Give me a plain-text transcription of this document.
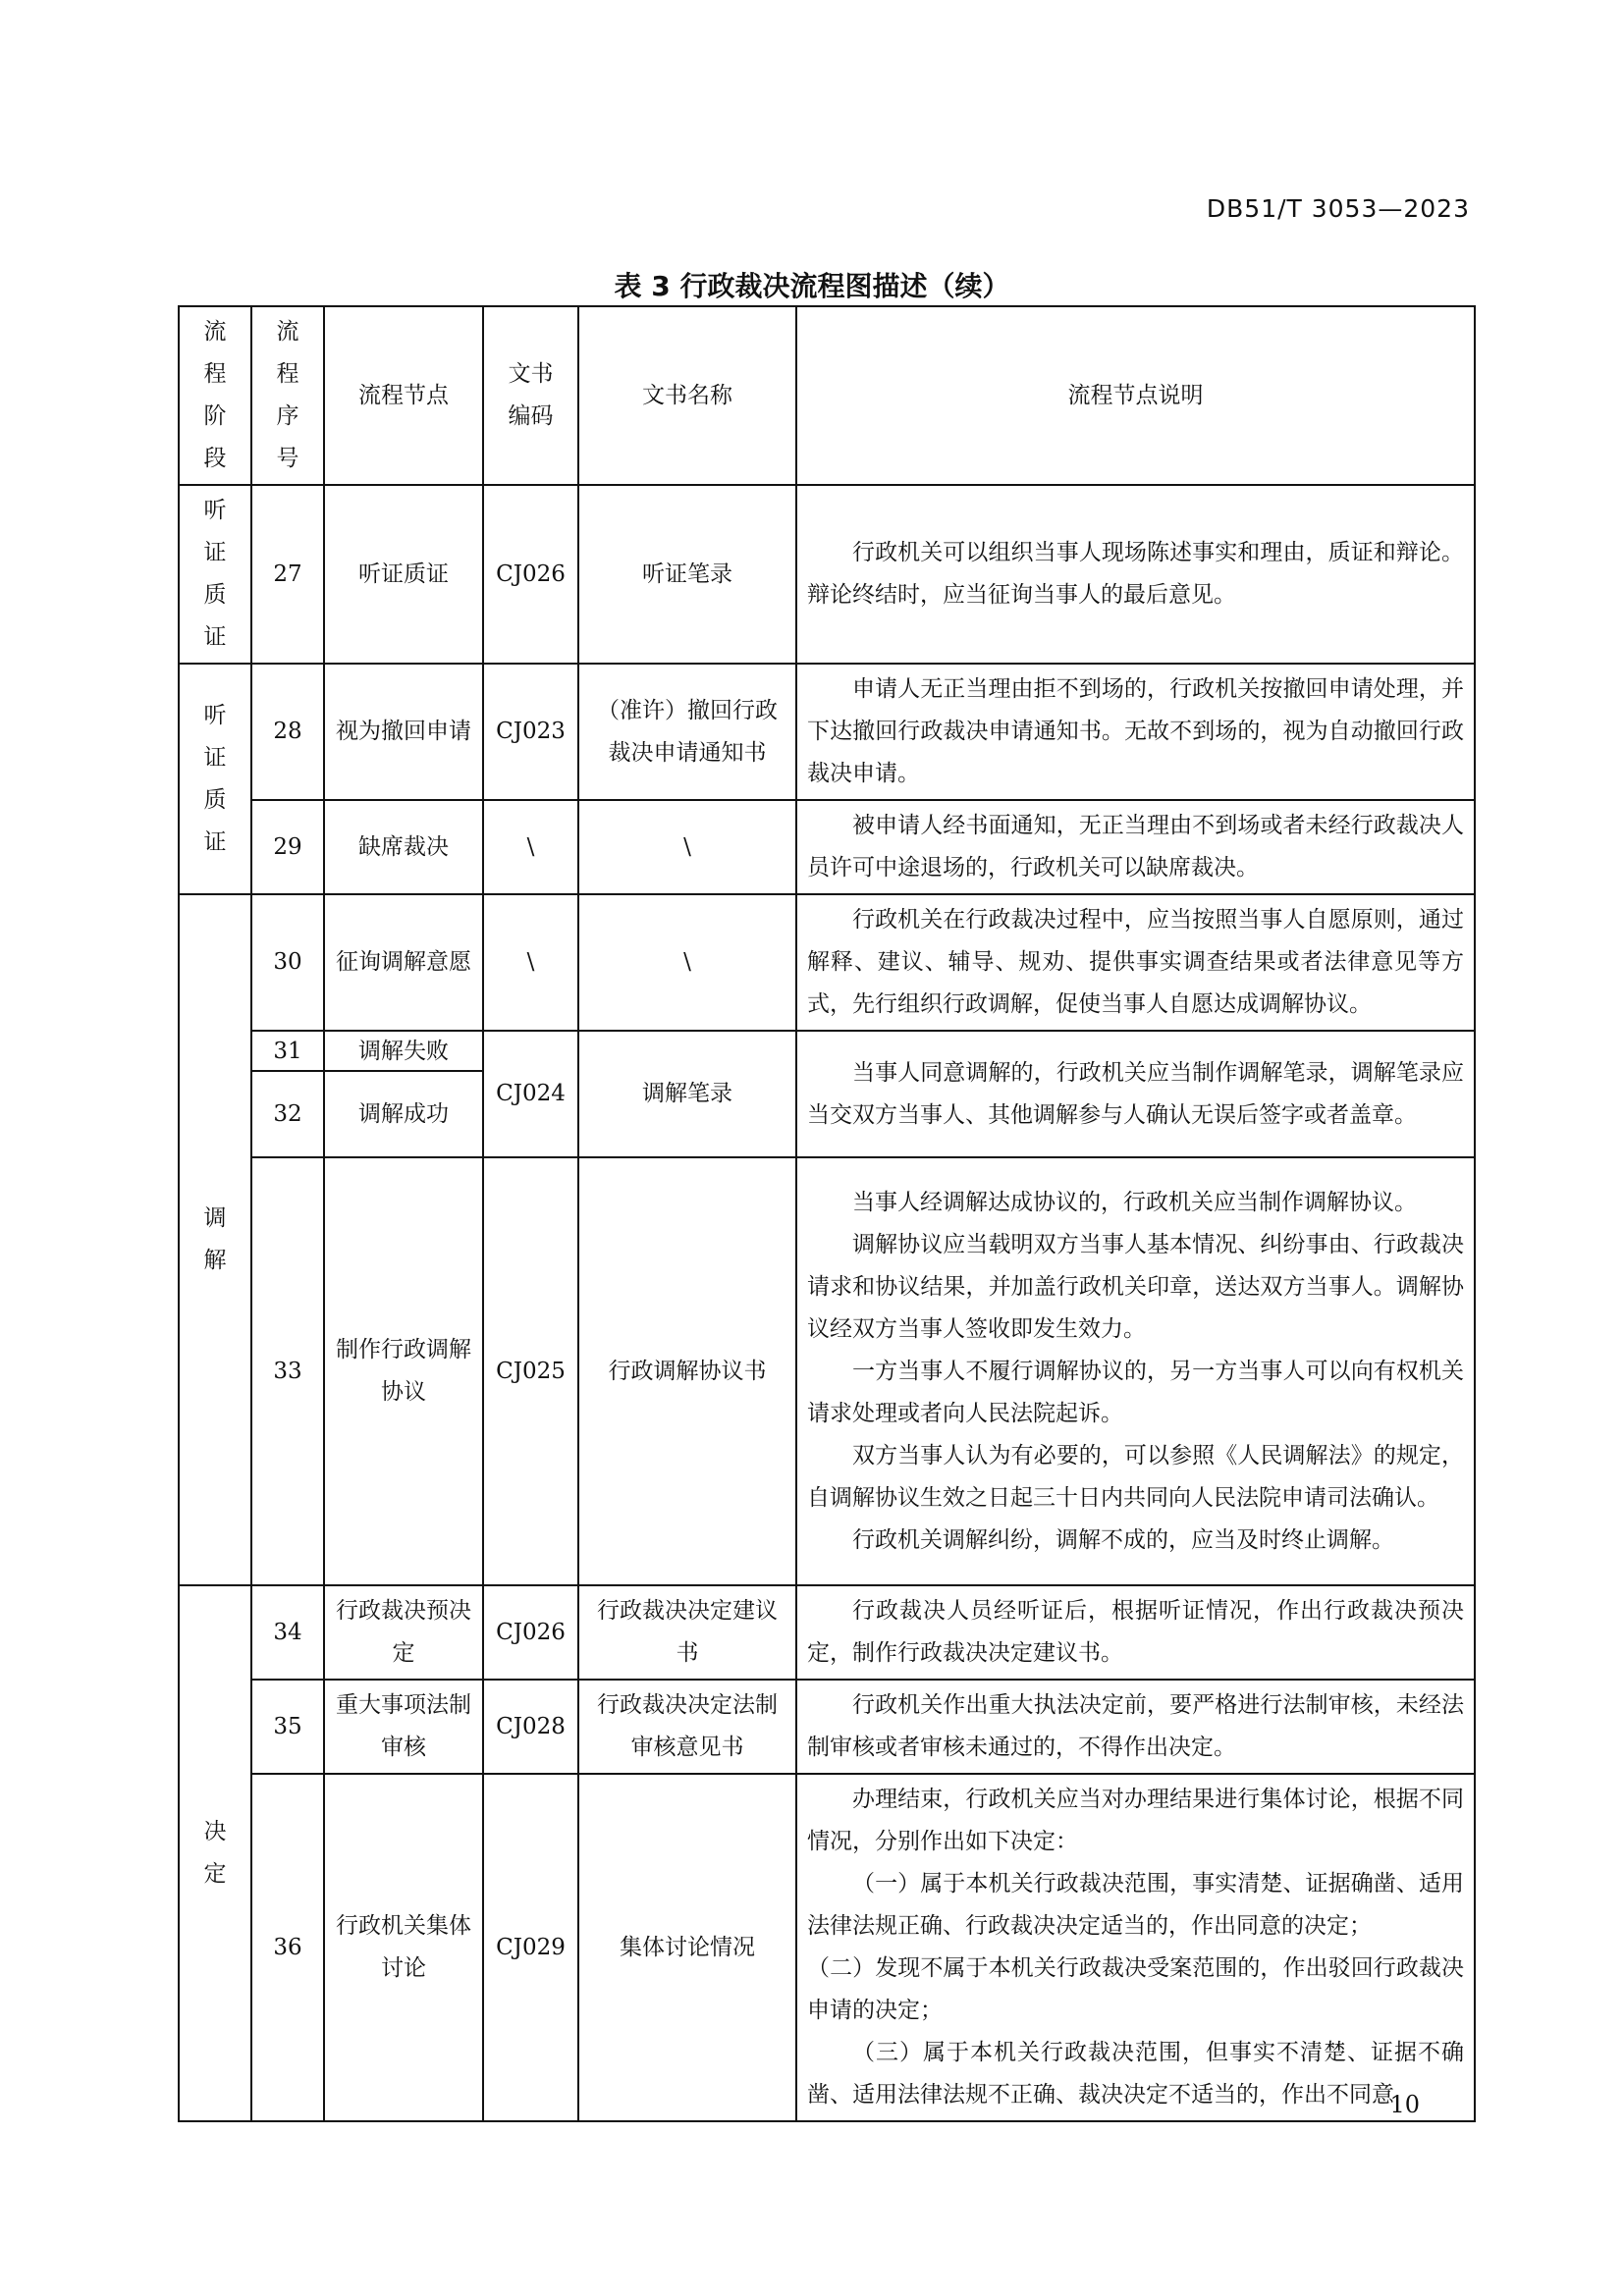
DB51/T 3053—2023
表 3 行政裁决流程图描述（续）
流程阶段	流程序号	流程节点	文书编码	文书名称	流程节点说明
听证质证	27	听证质证	CJ026	听证笔录	行政机关可以组织当事人现场陈述事实和理由，质证和辩论。辩论终结时，应当征询当事人的最后意见。

听证质证	28	视为撤回申请	CJ023	（准许）撤回行政裁决申请通知书	申请人无正当理由拒不到场的，行政机关按撤回申请处理，并下达撤回行政裁决申请通知书。无故不到场的，视为自动撤回行政裁决申请。

	29	缺席裁决	\	\	被申请人经书面通知，无正当理由不到场或者未经行政裁决人员许可中途退场的，行政机关可以缺席裁决。

调解	30	征询调解意愿	\	\	行政机关在行政裁决过程中，应当按照当事人自愿原则，通过解释、建议、辅导、规劝、提供事实调查结果或者法律意见等方式，先行组织行政调解，促使当事人自愿达成调解协议。

	31	调解失败	CJ024	调解笔录	当事人同意调解的，行政机关应当制作调解笔录，调解笔录应当交双方当事人、其他调解参与人确认无误后签字或者盖章。

	32	调解成功			
	33	制作行政调解协议	CJ025	行政调解协议书	当事人经调解达成协议的，行政机关应当制作调解协议。
调解协议应当载明双方当事人基本情况、纠纷事由、行政裁决请求和协议结果，并加盖行政机关印章，送达双方当事人。调解协议经双方当事人签收即发生效力。
一方当事人不履行调解协议的，另一方当事人可以向有权机关请求处理或者向人民法院起诉。
双方当事人认为有必要的，可以参照《人民调解法》的规定，自调解协议生效之日起三十日内共同向人民法院申请司法确认。
行政机关调解纠纷，调解不成的，应当及时终止调解。

决定	34	行政裁决预决定	CJ026	行政裁决决定建议书	行政裁决人员经听证后，根据听证情况，作出行政裁决预决定，制作行政裁决决定建议书。

	35	重大事项法制审核	CJ028	行政裁决决定法制审核意见书	行政机关作出重大执法决定前，要严格进行法制审核，未经法制审核或者审核未通过的，不得作出决定。

	36	行政机关集体讨论	CJ029	集体讨论情况	办理结束，行政机关应当对办理结果进行集体讨论，根据不同情况，分别作出如下决定：
（一）属于本机关行政裁决范围，事实清楚、证据确凿、适用法律法规正确、行政裁决决定适当的，作出同意的决定；
（二）发现不属于本机关行政裁决受案范围的，作出驳回行政裁决申请的决定；
（三）属于本机关行政裁决范围，但事实不清楚、证据不确凿、适用法律法规不正确、裁决决定不适当的，作出不同意
10
